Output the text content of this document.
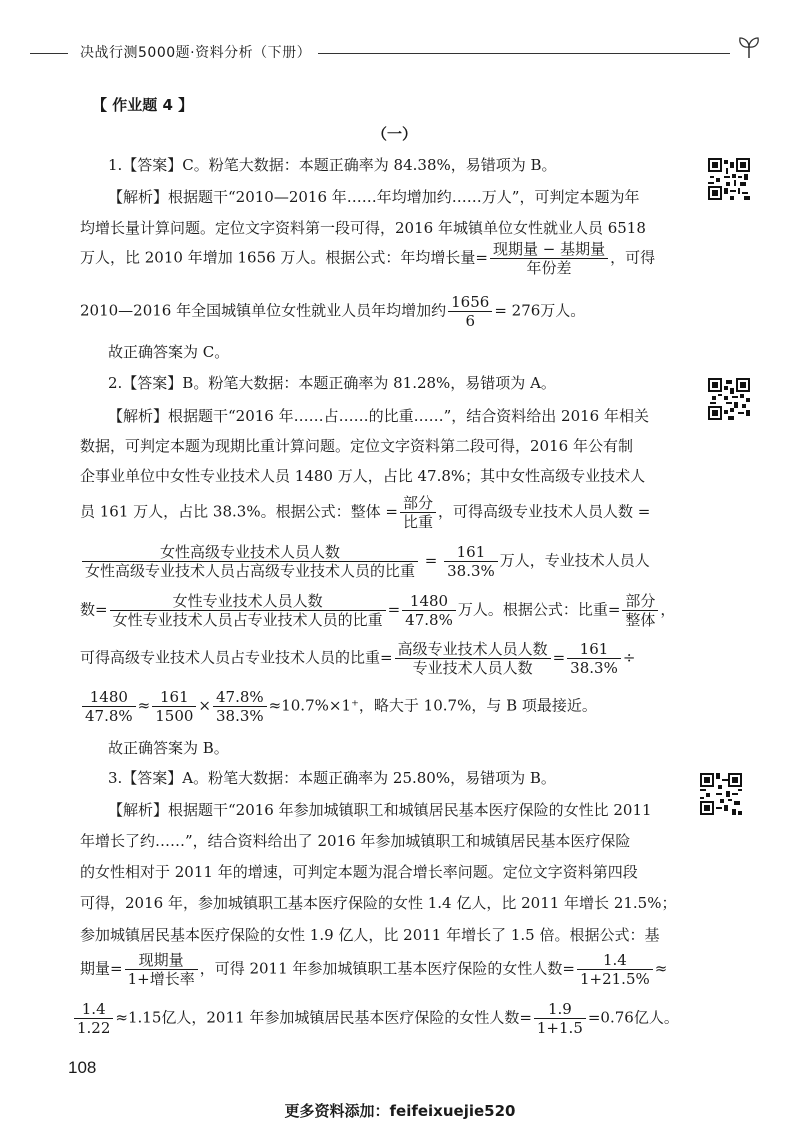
决战行测5000题·资料分析（下册）
【 作业题 4 】
（一）
1.【答案】C。粉笔大数据：本题正确率为 84.38%，易错项为 B。
【解析】根据题干“2010—2016 年……年均增加约……万人”，可判定本题为年
均增长量计算问题。定位文字资料第一段可得，2016 年城镇单位女性就业人员 6518
万人，比 2010 年增加 1656 万人。根据公式：年均增长量= $\frac{\text{现期量 − 基期量}}{\text{年份差}}$ ，可得
2010—2016 年全国城镇单位女性就业人员年均增加约 $\frac{1656}{6} = 276$万人。
故正确答案为 C。
2.【答案】B。粉笔大数据：本题正确率为 81.28%，易错项为 A。
【解析】根据题干“2016 年……占……的比重……”，结合资料给出 2016 年相关
数据，可判定本题为现期比重计算问题。定位文字资料第二段可得，2016 年公有制
企事业单位中女性专业技术人员 1480 万人，占比 47.8%；其中女性高级专业技术人
员 161 万人，占比 38.3%。根据公式：整体 = $\frac{\text{部分}}{\text{比重}}$ ，可得高级专业技术人员人数 =
$\frac{\text{女性高级专业技术人员人数}}{\text{女性高级专业技术人员占高级专业技术人员的比重}} = \frac{161}{38.3\%}$ 万人，专业技术人员人
数= $\frac{\text{女性专业技术人员人数}}{\text{女性专业技术人员占专业技术人员的比重}} = \frac{1480}{47.8\%}$ 万人。根据公式：比重= $\frac{\text{部分}}{\text{整体}}$ ，
可得高级专业技术人员占专业技术人员的比重= $\frac{\text{高级专业技术人员人数}}{\text{专业技术人员人数}} = \frac{161}{38.3\%}$ ÷
$\frac{1480}{47.8\%} \approx \frac{161}{1500} \times \frac{47.8\%}{38.3\%} \approx 10.7\%\times 1^+$，略大于 10.7%，与 B 项最接近。
故正确答案为 B。
3.【答案】A。粉笔大数据：本题正确率为 25.80%，易错项为 B。
【解析】根据题干“2016 年参加城镇职工和城镇居民基本医疗保险的女性比 2011
年增长了约……”，结合资料给出了 2016 年参加城镇职工和城镇居民基本医疗保险
的女性相对于 2011 年的增速，可判定本题为混合增长率问题。定位文字资料第四段
可得，2016 年，参加城镇职工基本医疗保险的女性 1.4 亿人，比 2011 年增长 21.5%；
参加城镇居民基本医疗保险的女性 1.9 亿人，比 2011 年增长了 1.5 倍。根据公式：基
期量= $\frac{\text{现期量}}{\text{1+增长率}}$ ，可得 2011 年参加城镇职工基本医疗保险的女性人数= $\frac{1.4}{1+21.5\%}$ ≈
$\frac{1.4}{1.22} \approx 1.15$亿人，2011 年参加城镇居民基本医疗保险的女性人数= $\frac{1.9}{1+1.5} =0.76$亿人。
108
更多资料添加：feifeixuejie520
